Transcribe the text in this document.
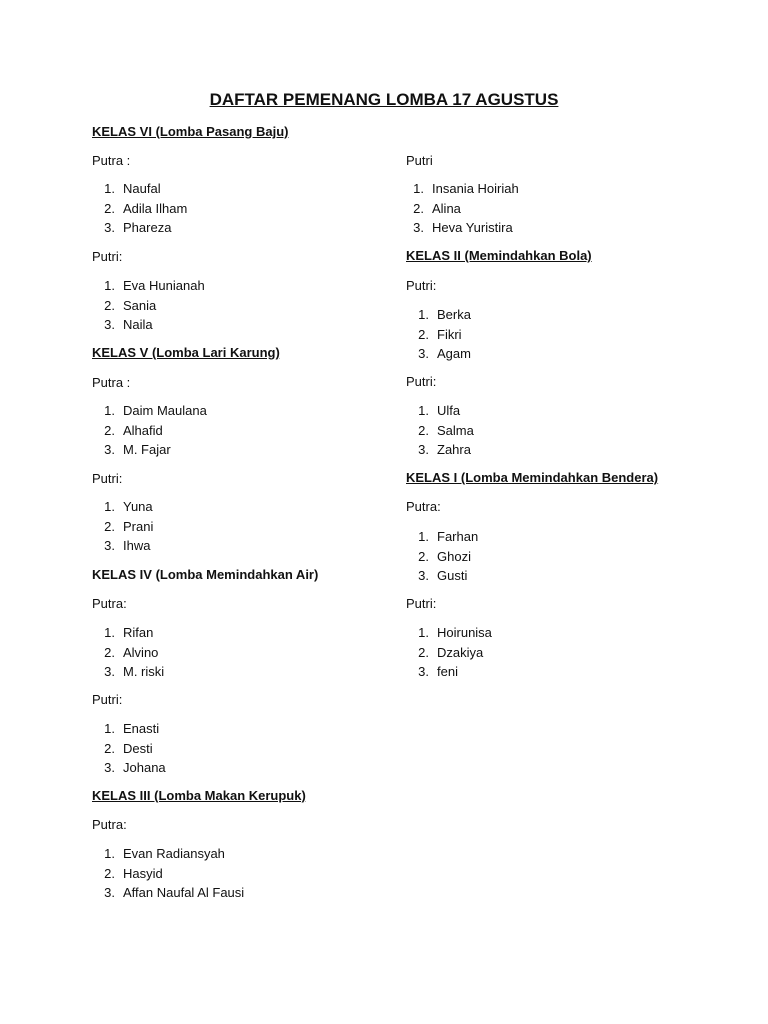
DAFTAR PEMENANG LOMBA 17 AGUSTUS
KELAS VI (Lomba Pasang Baju)
Putra :
1. Naufal
2. Adila Ilham
3. Phareza
Putri:
1. Eva Hunianah
2. Sania
3. Naila
KELAS V (Lomba Lari Karung)
Putra :
1. Daim Maulana
2. Alhafid
3. M. Fajar
Putri:
1. Yuna
2. Prani
3. Ihwa
KELAS IV (Lomba Memindahkan Air)
Putra:
1. Rifan
2. Alvino
3. M. riski
Putri:
1. Enasti
2. Desti
3. Johana
KELAS III (Lomba Makan Kerupuk)
Putra:
1. Evan Radiansyah
2. Hasyid
3. Affan Naufal Al Fausi
Putri
1. Insania Hoiriah
2. Alina
3. Heva Yuristira
KELAS II (Memindahkan Bola)
Putri:
1. Berka
2. Fikri
3. Agam
Putri:
1. Ulfa
2. Salma
3. Zahra
KELAS I (Lomba Memindahkan Bendera)
Putra:
1. Farhan
2. Ghozi
3. Gusti
Putri:
1. Hoirunisa
2. Dzakiya
3. feni
